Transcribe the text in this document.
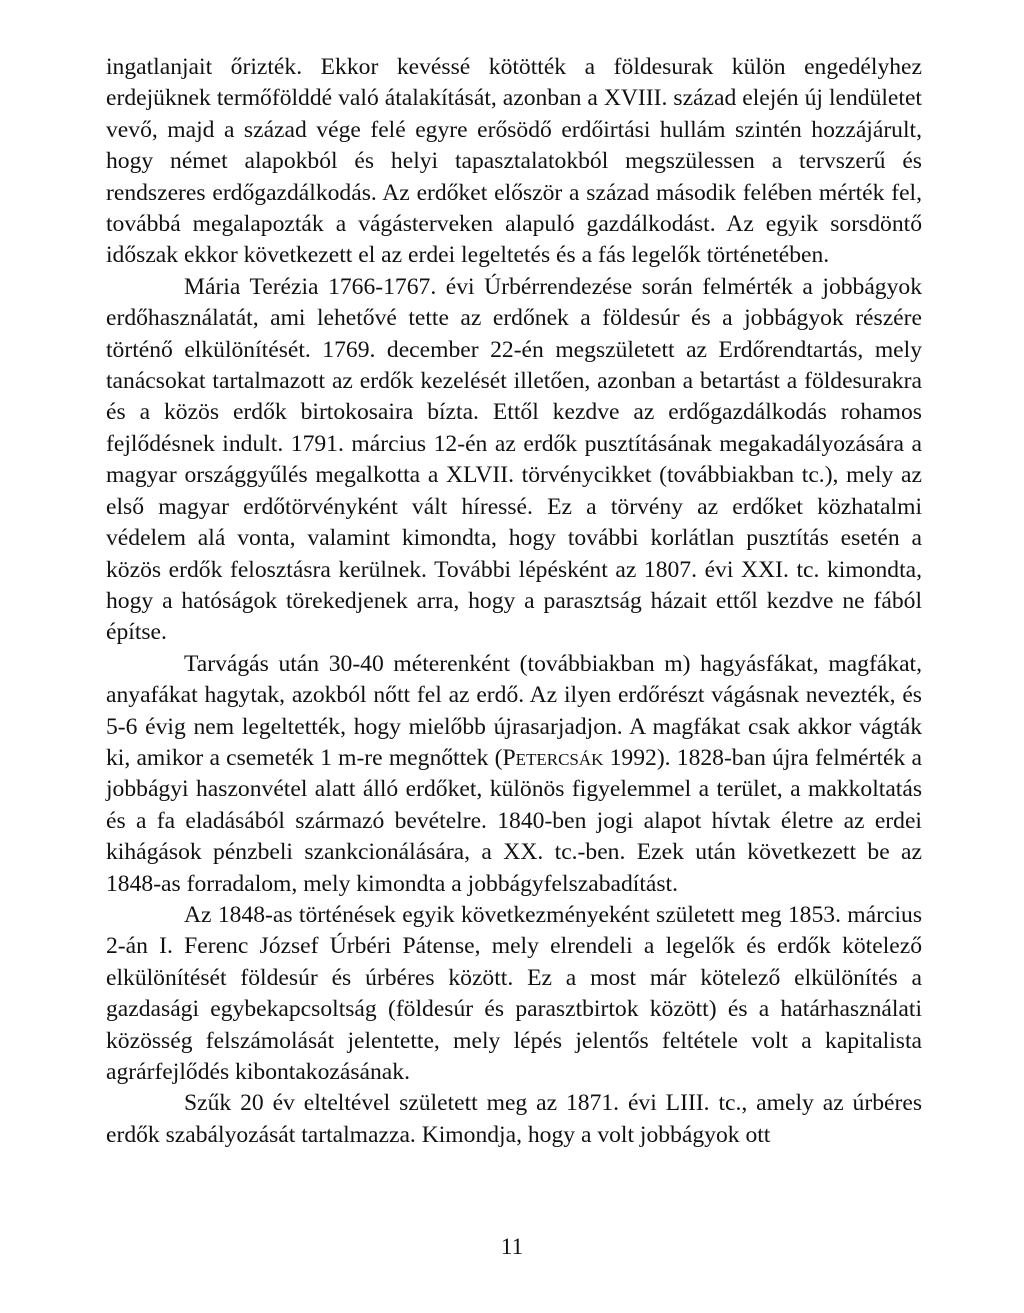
ingatlanjait őrizték. Ekkor kevéssé kötötték a földesurak külön engedélyhez erdejüknek termőfölddé való átalakítását, azonban a XVIII. század elején új lendületet vevő, majd a század vége felé egyre erősödő erdőirtási hullám szintén hozzájárult, hogy német alapokból és helyi tapasztalatokból megszülessen a tervszerű és rendszeres erdőgazdálkodás. Az erdőket először a század második felében mérték fel, továbbá megalapozták a vágásterveken alapuló gazdálkodást. Az egyik sorsdöntő időszak ekkor következett el az erdei legeltetés és a fás legelők történetében.

Mária Terézia 1766-1767. évi Úrbérrendezése során felmérték a jobbágyok erdőhasználatát, ami lehetővé tette az erdőnek a földesúr és a jobbágyok részére történő elkülönítését. 1769. december 22-én megszületett az Erdőrendtartás, mely tanácsokat tartalmazott az erdők kezelését illetően, azonban a betartást a földesurakra és a közös erdők birtokosaira bízta. Ettől kezdve az erdőgazdálkodás rohamos fejlődésnek indult. 1791. március 12-én az erdők pusztításának megakadályozására a magyar országgyűlés megalkotta a XLVII. törvénycikket (továbbiakban tc.), mely az első magyar erdőtörvényként vált híressé. Ez a törvény az erdőket közhatalmi védelem alá vonta, valamint kimondta, hogy további korlátlan pusztítás esetén a közös erdők felosztásra kerülnek. További lépésként az 1807. évi XXI. tc. kimondta, hogy a hatóságok törekedjenek arra, hogy a parasztság házait ettől kezdve ne fából építse.

Tarvágás után 30-40 méterenként (továbbiakban m) hagyásfákat, magfákat, anyafákat hagytak, azokból nőtt fel az erdő. Az ilyen erdőrészt vágásnak nevezték, és 5-6 évig nem legeltették, hogy mielőbb újrasarjadjon. A magfákat csak akkor vágták ki, amikor a csemeték 1 m-re megnőttek (Petercsák 1992). 1828-ban újra felmérték a jobbágyi haszonvétel alatt álló erdőket, különös figyelemmel a terület, a makkoltatás és a fa eladásából származó bevételre. 1840-ben jogi alapot hívtak életre az erdei kihágások pénzbeli szankcionálására, a XX. tc.-ben. Ezek után következett be az 1848-as forradalom, mely kimondta a jobbágyfelszabadítást.

Az 1848-as történések egyik következményeként született meg 1853. március 2-án I. Ferenc József Úrbéri Pátense, mely elrendeli a legelők és erdők kötelező elkülönítését földesúr és úrbéres között. Ez a most már kötelező elkülönítés a gazdasági egybekapcsoltság (földesúr és parasztbirtok között) és a határhasználati közösség felszámolását jelentette, mely lépés jelentős feltétele volt a kapitalista agrárfejlődés kibontakozásának.

Szűk 20 év elteltével született meg az 1871. évi LIII. tc., amely az úrbéres erdők szabályozását tartalmazza. Kimondja, hogy a volt jobbágyok ott

11
